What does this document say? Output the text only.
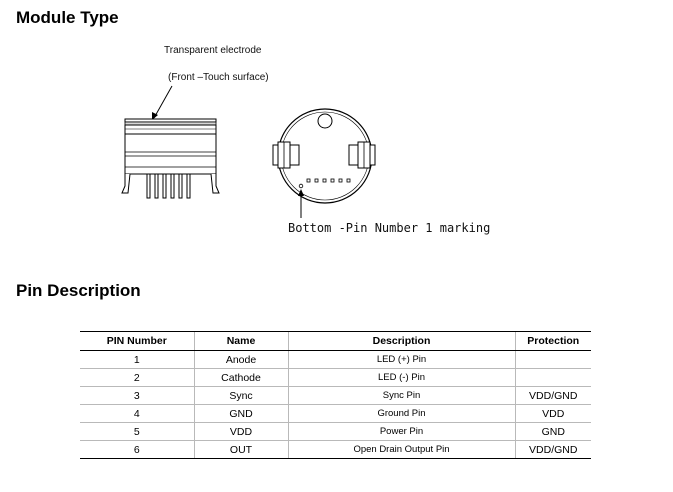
Module Type
Transparent electrode
(Front –Touch surface)
Bottom -Pin Number 1 marking
Pin Description
PIN Number	Name	Description	Protection
1	Anode	LED (+) Pin	
2	Cathode	LED (-) Pin	
3	Sync	Sync Pin	VDD/GND
4	GND	Ground Pin	VDD
5	VDD	Power Pin	GND
6	OUT	Open Drain Output Pin	VDD/GND
